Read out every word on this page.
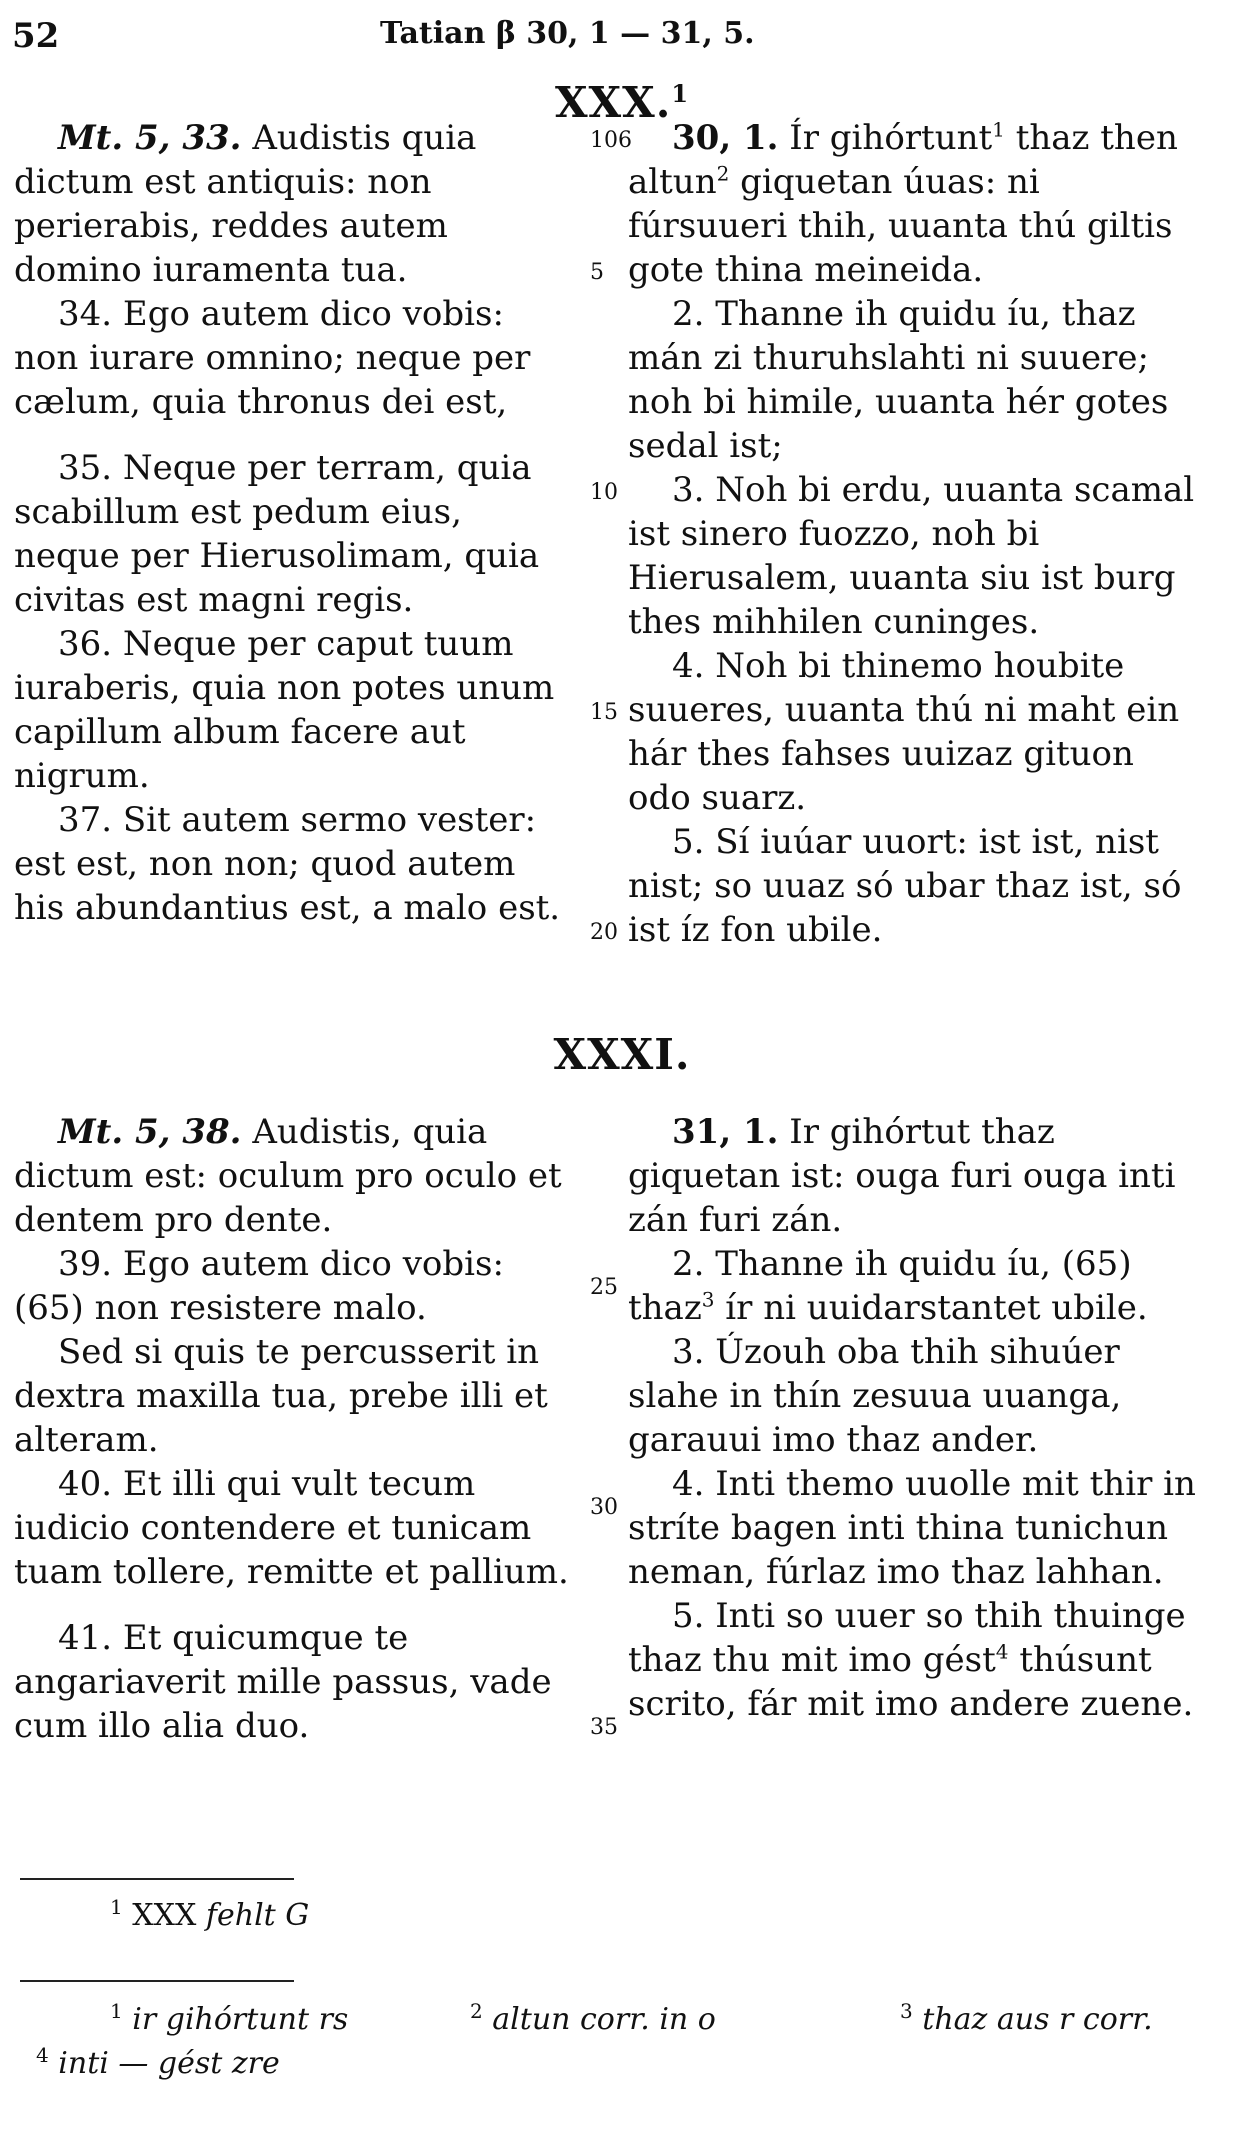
52	Tatian β 30, 1 — 31, 5.
XXX.$^1$

Mt. 5, 33. Audistis quia dictum est antiquis: non perierabis, reddes autem domino iuramenta tua.

34. Ego autem dico vobis: non iurare omnino; neque per cælum, quia thronus dei est,

35. Neque per terram, quia scabillum est pedum eius, neque per Hierusolimam, quia civitas est magni regis.

36. Neque per caput tuum iuraberis, quia non potes unum capillum album facere aut nigrum.

37. Sit autem sermo vester: est est, non non; quod autem his abundantius est, a malo est.

30, 1. Ír gihórtunt$^1$ thaz then altun$^2$ giquetan úuas: ni fúrsuueri thih, uuanta thú giltis gote thina meineida.

2. Thanne ih quidu íu, thaz mán zi thuruhslahti ni suuere; noh bi himile, uuanta hér gotes sedal ist;

3. Noh bi erdu, uuanta scamal ist sinero fuozzo, noh bi Hierusalem, uuanta siu ist burg thes mihhilen cuninges.

4. Noh bi thinemo houbite suueres, uuanta thú ni maht ein hár thes fahses uuizaz gituon odo suarz.

5. Sí iuúar uuort: ist ist, nist nist; so uuaz só ubar thaz ist, só ist íz fon ubile.

106
5
10
15
20
XXXI.

Mt. 5, 38. Audistis, quia dictum est: oculum pro oculo et dentem pro dente.

39. Ego autem dico vobis: (65) non resistere malo.

Sed si quis te percusserit in dextra maxilla tua, prebe illi et alteram.

40. Et illi qui vult tecum iudicio contendere et tunicam tuam tollere, remitte et pallium.

41. Et quicumque te angariaverit mille passus, vade cum illo alia duo.

31, 1. Ir gihórtut thaz giquetan ist: ouga furi ouga inti zán furi zán.

2. Thanne ih quidu íu, (65) thaz$^3$ ír ni uuidarstantet ubile.

3. Úzouh oba thih sihuúer slahe in thín zesuua uuanga, garauui imo thaz ander.

4. Inti themo uuolle mit thir in stríte bagen inti thina tunichun neman, fúrlaz imo thaz lahhan.

5. Inti so uuer so thih thuinge thaz thu mit imo gést$^4$ thúsunt scrito, fár mit imo andere zuene.

25
30
35
$^1$ XXX fehlt G
$^1$ ir gihórtunt rs	$^2$ altun corr. in o	$^3$ thaz aus r corr.
$^4$ inti — gést zre
